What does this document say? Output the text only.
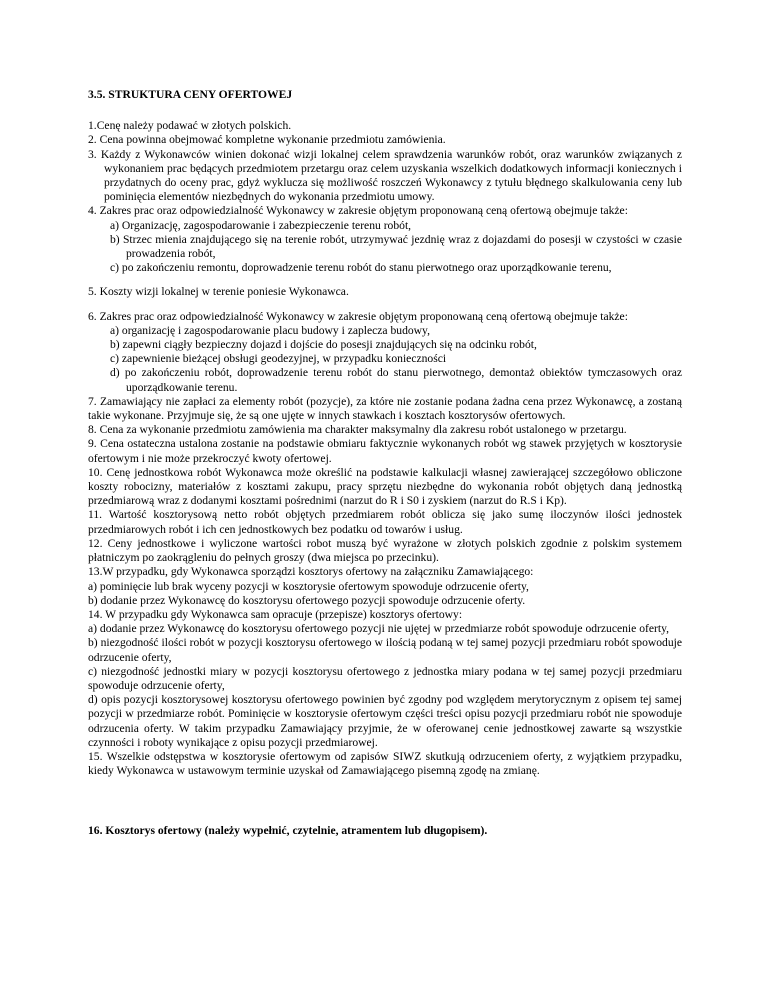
3.5. STRUKTURA CENY OFERTOWEJ

1.Cenę należy podawać w złotych polskich.

2. Cena powinna obejmować kompletne wykonanie przedmiotu zamówienia.

3. Każdy z Wykonawców winien dokonać wizji lokalnej celem sprawdzenia warunków robót, oraz warunków związanych z wykonaniem prac będących przedmiotem przetargu oraz celem uzyskania wszelkich dodatkowych informacji koniecznych i przydatnych do oceny prac, gdyż wyklucza się możliwość roszczeń Wykonawcy z tytułu błędnego skalkulowania ceny lub pominięcia elementów niezbędnych do wykonania przedmiotu umowy.

4. Zakres prac oraz odpowiedzialność Wykonawcy w zakresie objętym proponowaną ceną ofertową obejmuje także:

a) Organizację, zagospodarowanie i zabezpieczenie terenu robót,

b) Strzec mienia znajdującego się na terenie robót, utrzymywać jezdnię wraz z dojazdami do posesji w czystości w czasie prowadzenia robót,

c) po zakończeniu remontu, doprowadzenie terenu robót do stanu pierwotnego oraz uporządkowanie terenu,

5. Koszty wizji lokalnej w terenie poniesie Wykonawca.

6. Zakres prac oraz odpowiedzialność Wykonawcy w zakresie objętym proponowaną ceną ofertową obejmuje także:

a) organizację i zagospodarowanie placu budowy i zaplecza budowy,

b) zapewni ciągły bezpieczny dojazd i dojście do posesji znajdujących się na odcinku robót,

c) zapewnienie bieżącej obsługi geodezyjnej, w przypadku konieczności

d) po zakończeniu robót, doprowadzenie terenu robót do stanu pierwotnego, demontaż obiektów tymczasowych oraz uporządkowanie terenu.

7. Zamawiający nie zapłaci za elementy robót (pozycje), za które nie zostanie podana żadna cena przez Wykonawcę, a zostaną takie wykonane. Przyjmuje się, że są one ujęte w innych stawkach i kosztach kosztorysów ofertowych.

8. Cena za wykonanie przedmiotu zamówienia ma charakter maksymalny dla zakresu robót ustalonego w przetargu.

9. Cena ostateczna ustalona zostanie na podstawie obmiaru faktycznie wykonanych robót wg stawek przyjętych w kosztorysie ofertowym i nie może przekroczyć kwoty ofertowej.

10. Cenę jednostkowa robót Wykonawca może określić na podstawie kalkulacji własnej zawierającej szczegółowo obliczone koszty robocizny, materiałów z kosztami zakupu, pracy sprzętu niezbędne do wykonania robót objętych daną jednostką przedmiarową wraz z dodanymi kosztami pośrednimi (narzut do R i S0 i zyskiem (narzut do R.S i Kp).

11. Wartość kosztorysową netto robót objętych przedmiarem robót oblicza się jako sumę iloczynów ilości jednostek przedmiarowych robót i ich cen jednostkowych bez podatku od towarów i usług.

12. Ceny jednostkowe i wyliczone wartości robot muszą być wyrażone w złotych polskich zgodnie z polskim systemem płatniczym po zaokrągleniu do pełnych groszy (dwa miejsca po przecinku).

13.W przypadku, gdy Wykonawca sporządzi kosztorys ofertowy na załączniku Zamawiającego:

a) pominięcie lub brak wyceny pozycji w kosztorysie ofertowym spowoduje odrzucenie oferty,

b) dodanie przez Wykonawcę do kosztorysu ofertowego pozycji spowoduje odrzucenie oferty.

14. W przypadku gdy Wykonawca sam opracuje (przepisze) kosztorys ofertowy:

a) dodanie przez Wykonawcę do kosztorysu ofertowego pozycji nie ujętej w przedmiarze robót spowoduje odrzucenie oferty,

b) niezgodność ilości robót w pozycji kosztorysu ofertowego w ilością podaną w tej samej pozycji przedmiaru robót spowoduje odrzucenie oferty,

c) niezgodność jednostki miary w pozycji kosztorysu ofertowego z jednostka miary podana w tej samej pozycji przedmiaru spowoduje odrzucenie oferty,

d) opis pozycji kosztorysowej kosztorysu ofertowego powinien być zgodny pod względem merytorycznym z opisem tej samej pozycji w przedmiarze robót. Pominięcie w kosztorysie ofertowym części treści opisu pozycji przedmiaru robót nie spowoduje odrzucenia oferty. W takim przypadku Zamawiający przyjmie, że w oferowanej cenie jednostkowej zawarte są wszystkie czynności i roboty wynikające z opisu pozycji przedmiarowej.

15. Wszelkie odstępstwa w kosztorysie ofertowym od zapisów SIWZ skutkują odrzuceniem oferty, z wyjątkiem przypadku, kiedy Wykonawca w ustawowym terminie uzyskał od Zamawiającego pisemną zgodę na zmianę.

16. Kosztorys ofertowy (należy wypełnić, czytelnie, atramentem lub długopisem).
